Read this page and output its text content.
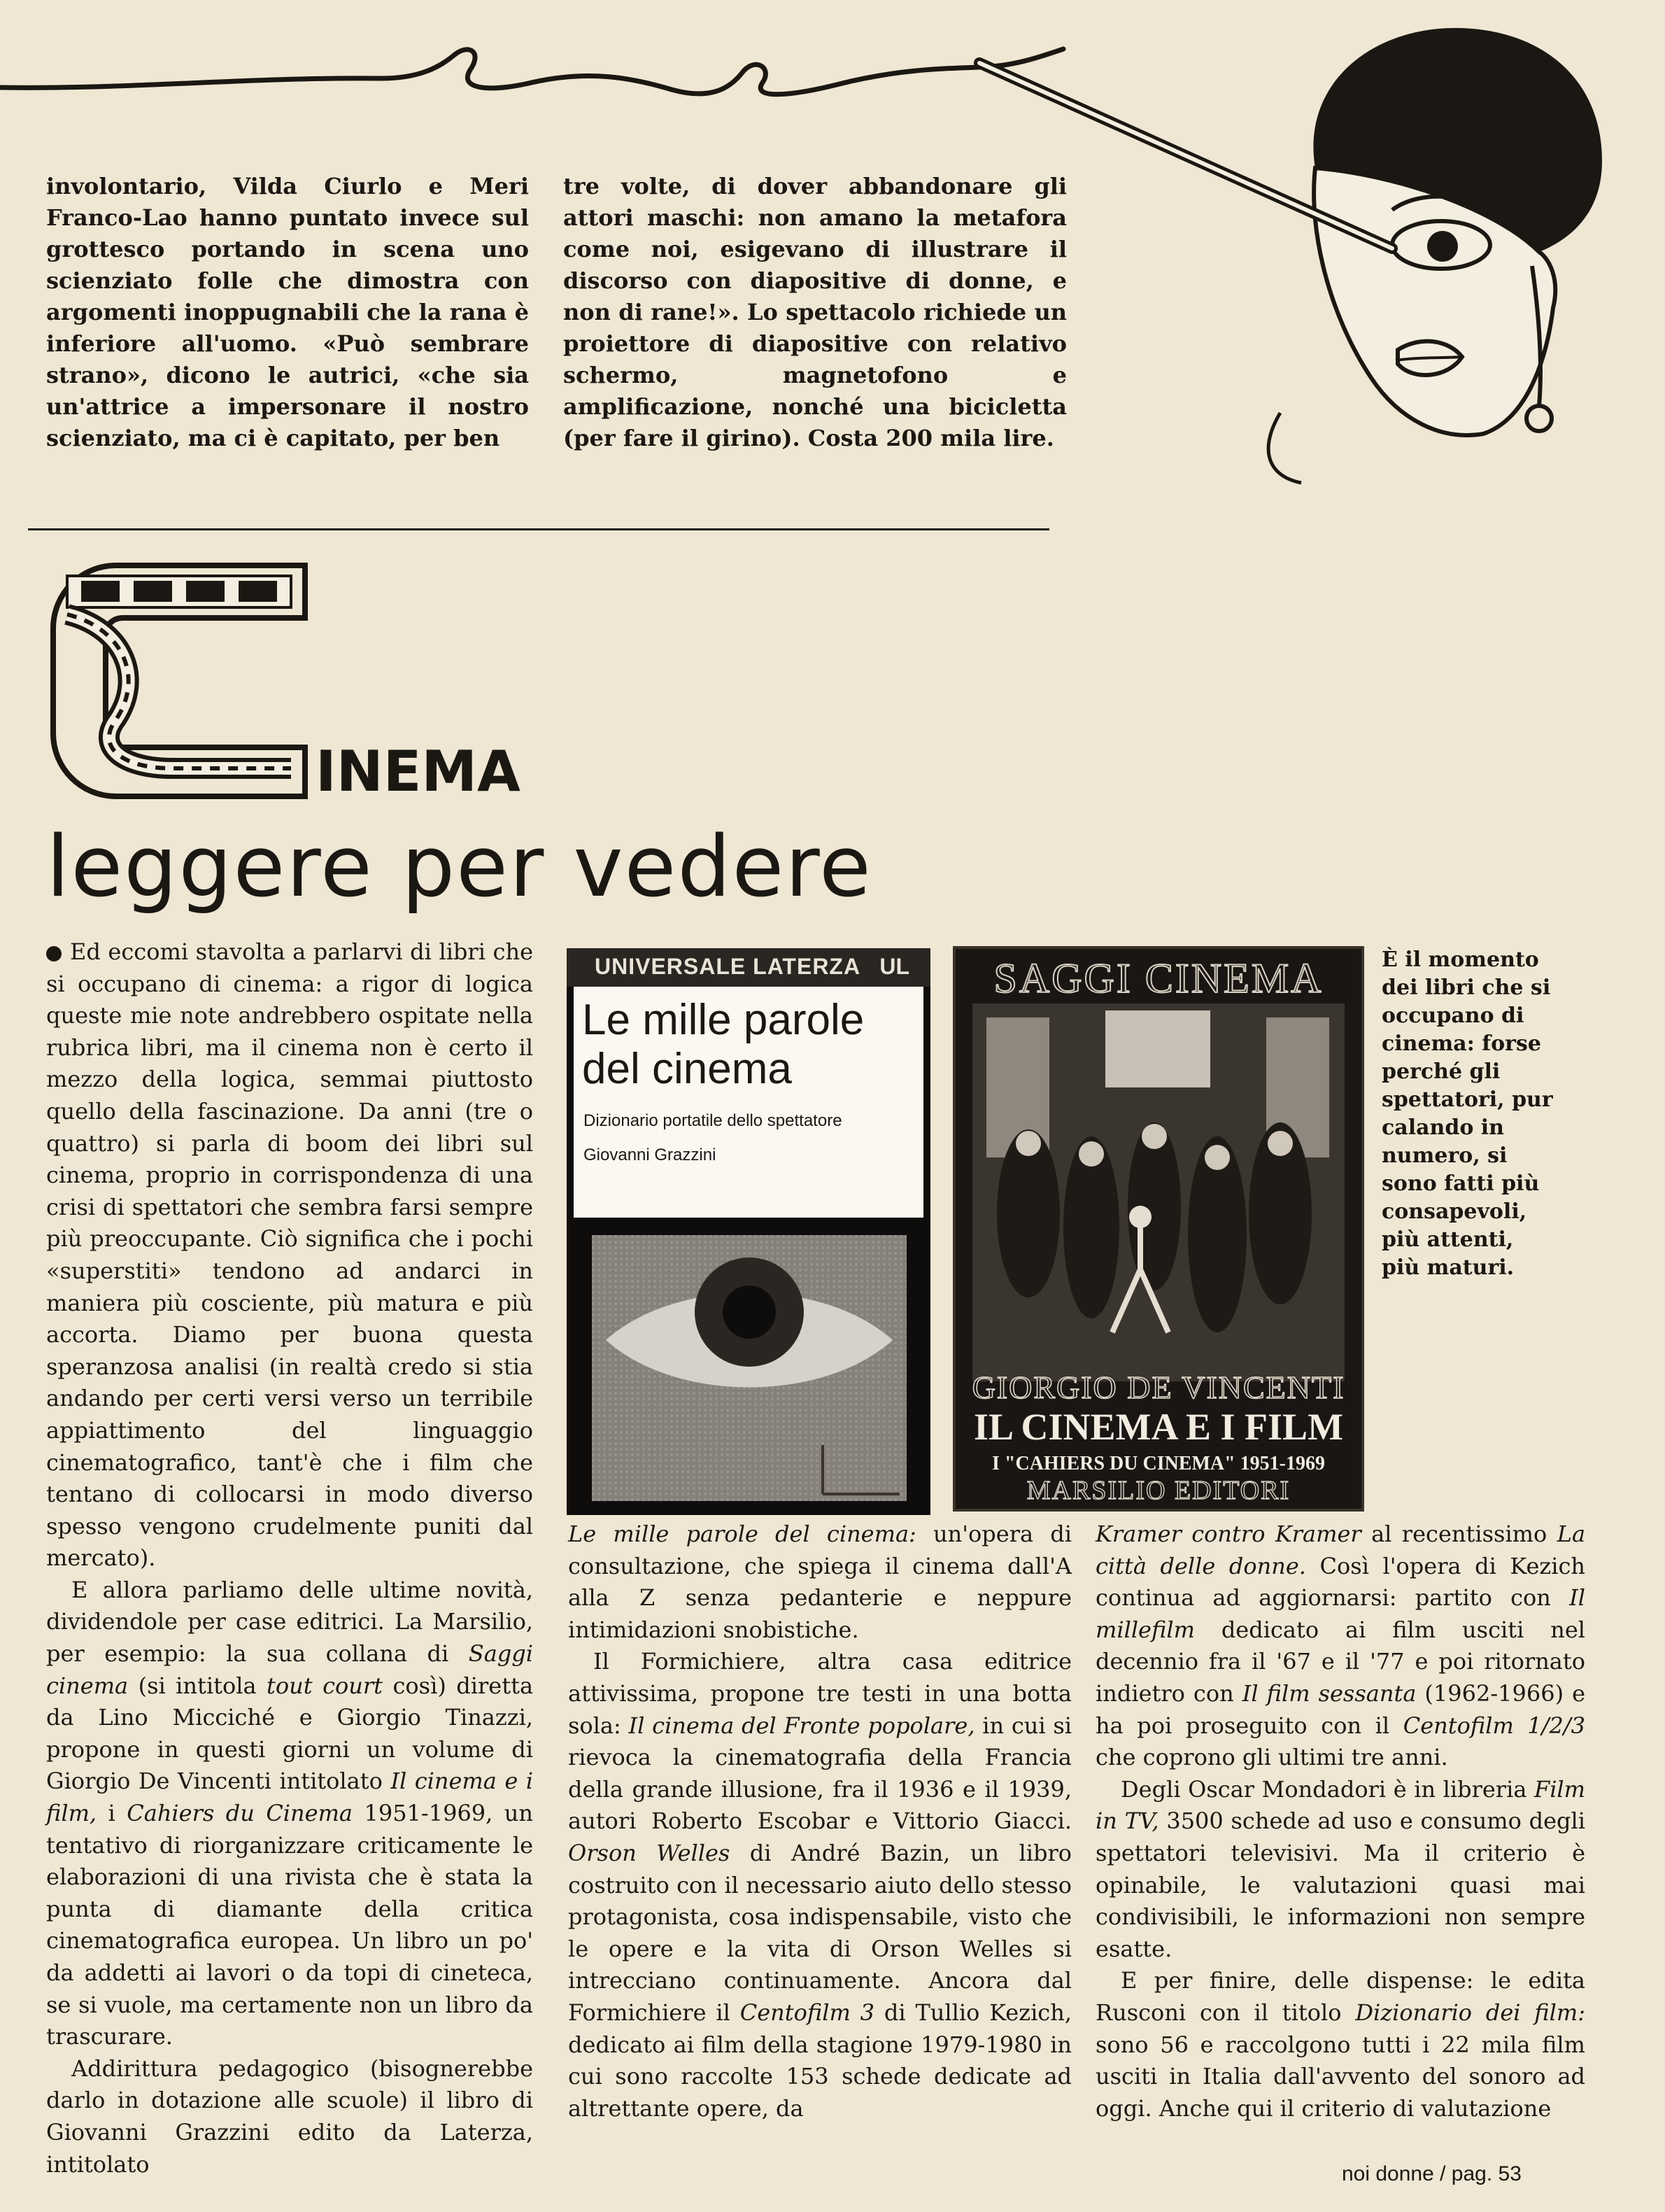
involontario, Vilda Ciurlo e Meri Franco-Lao hanno puntato invece sul grottesco portando in scena uno scienziato folle che dimostra con argomenti inoppugnabili che la rana è inferiore all'uomo. «Può sembrare strano», dicono le autrici, «che sia un'attrice a impersonare il nostro scienziato, ma ci è capitato, per ben

tre volte, di dover abbandonare gli attori maschi: non amano la metafora come noi, esigevano di illustrare il discorso con diapositive di donne, e non di rane!». Lo spettacolo richiede un proiettore di diapositive con relativo schermo, magnetofono e amplificazione, nonché una bicicletta (per fare il girino). Costa 200 mila lire.

INEMA
leggere per vedere

Ed eccomi stavolta a parlarvi di libri che si occupano di cinema: a rigor di logica queste mie note andrebbero ospitate nella rubrica libri, ma il cinema non è certo il mezzo della logica, semmai piuttosto quello della fascinazione. Da anni (tre o quattro) si parla di boom dei libri sul cinema, proprio in corrispondenza di una crisi di spettatori che sembra farsi sempre più preoccupante. Ciò significa che i pochi «superstiti» tendono ad andarci in maniera più cosciente, più matura e più accorta. Diamo per buona questa speranzosa analisi (in realtà credo si stia andando per certi versi verso un terribile appiattimento del linguaggio cinematografico, tant'è che i film che tentano di collocarsi in modo diverso spesso vengono crudelmente puniti dal mercato).

E allora parliamo delle ultime novità, dividendole per case editrici. La Marsilio, per esempio: la sua collana di Saggi cinema (si intitola tout court così) diretta da Lino Micciché e Giorgio Tinazzi, propone in questi giorni un volume di Giorgio De Vincenti intitolato Il cinema e i film, i Cahiers du Cinema 1951-1969, un tentativo di riorganizzare criticamente le elaborazioni di una rivista che è stata la punta di diamante della critica cinematografica europea. Un libro un po' da addetti ai lavori o da topi di cineteca, se si vuole, ma certamente non un libro da trascurare.

Addirittura pedagogico (bisognerebbe darlo in dotazione alle scuole) il libro di Giovanni Grazzini edito da Laterza, intitolato

Le mille parole del cinema: un'opera di consultazione, che spiega il cinema dall'A alla Z senza pedanterie e neppure intimidazioni snobistiche.

Il Formichiere, altra casa editrice attivissima, propone tre testi in una botta sola: Il cinema del Fronte popolare, in cui si rievoca la cinematografia della Francia della grande illusione, fra il 1936 e il 1939, autori Roberto Escobar e Vittorio Giacci. Orson Welles di André Bazin, un libro costruito con il necessario aiuto dello stesso protagonista, cosa indispensabile, visto che le opere e la vita di Orson Welles si intrecciano continuamente. Ancora dal Formichiere il Centofilm 3 di Tullio Kezich, dedicato ai film della stagione 1979-1980 in cui sono raccolte 153 schede dedicate ad altrettante opere, da

Kramer contro Kramer al recentissimo La città delle donne. Così l'opera di Kezich continua ad aggiornarsi: partito con Il millefilm dedicato ai film usciti nel decennio fra il '67 e il '77 e poi ritornato indietro con Il film sessanta (1962-1966) e ha poi proseguito con il Centofilm 1/2/3 che coprono gli ultimi tre anni.

Degli Oscar Mondadori è in libreria Film in TV, 3500 schede ad uso e consumo degli spettatori televisivi. Ma il criterio è opinabile, le valutazioni quasi mai condivisibili, le informazioni non sempre esatte.

E per finire, delle dispense: le edita Rusconi con il titolo Dizionario dei film: sono 56 e raccolgono tutti i 22 mila film usciti in Italia dall'avvento del sonoro ad oggi. Anche qui il criterio di valutazione

UNIVERSALE LATERZA UL
Le mille parole del cinema
Dizionario portatile dello spettatore
Giovanni Grazzini
SAGGI CINEMA
GIORGIO DE VINCENTI
IL CINEMA E I FILM
I "CAHIERS DU CINEMA" 1951-1969
MARSILIO EDITORI
È il momento dei libri che si occupano di cinema: forse perché gli spettatori, pur calando in numero, si sono fatti più consapevoli, più attenti, più maturi.
noi donne / pag. 53
